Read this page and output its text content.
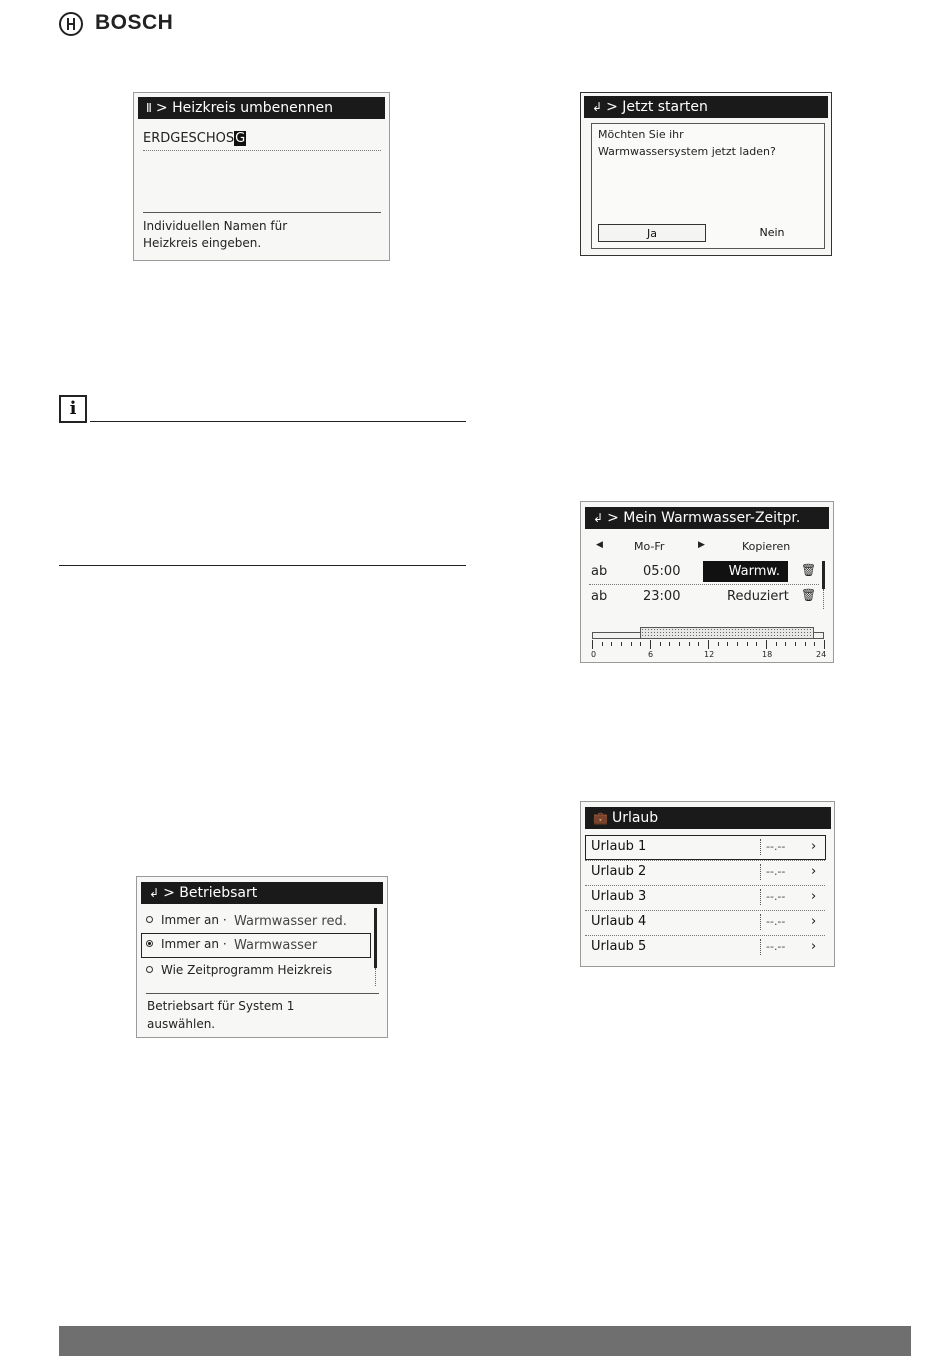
BOSCH
Ⅱ > Heizkreis umbenennen
ERDGESCHOSG
Individuellen Namen für
Heizkreis eingeben.
↲ > Jetzt starten
Möchten Sie ihr
Warmwassersystem jetzt laden?
Ja	Nein
i
↲ > Mein Warmwasser-Zeitpr.
◀	Mo-Fr	▶	Kopieren
ab	05:00	Warmw.	🗑
ab	23:00	Reduziert 🗑
0	6	12	18	24
💼 Urlaub
Urlaub 1	--.-- ›
Urlaub 2	--.-- ›
Urlaub 3	--.-- ›
Urlaub 4	--.-- ›
Urlaub 5	--.-- ›
↲ > Betriebsart
Immer an · Warmwasser red.
Immer an · Warmwasser
Wie Zeitprogramm Heizkreis
Betriebsart für System 1
auswählen.
